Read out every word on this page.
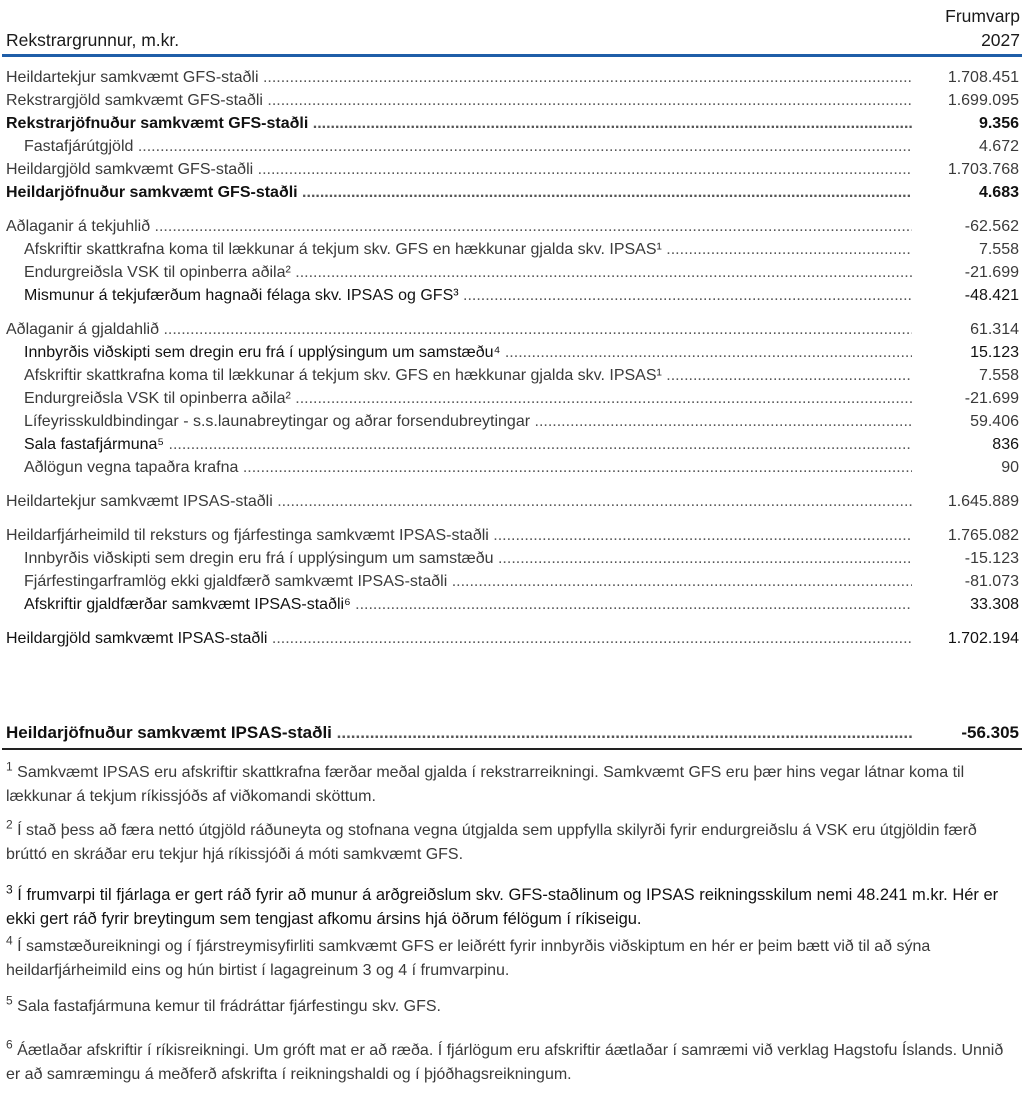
Rekstrargrunnur, m.kr.
Frumvarp
2027
Heildartekjur samkvæmt GFS-staðli .....	1.708.451
Rekstrargjöld samkvæmt GFS-staðli .....	1.699.095
Rekstrarjöfnuður samkvæmt GFS-staðli .....	9.356
Fastafjárútgjöld .....	4.672
Heildargjöld samkvæmt GFS-staðli .....	1.703.768
Heildarjöfnuður samkvæmt GFS-staðli .....	4.683
Aðlaganir á tekjuhlið .....	-62.562
Afskriftir skattkrafna koma til lækkunar á tekjum skv. GFS en hækkunar gjalda skv. IPSAS¹ .....	7.558
Endurgreiðsla VSK til opinberra aðila² .....	-21.699
Mismunur á tekjufærðum hagnaði félaga skv. IPSAS og GFS³ .....	-48.421
Aðlaganir á gjaldahlið .....	61.314
Innbyrðis viðskipti sem dregin eru frá í upplýsingum um samstæðu⁴ .....	15.123
Afskriftir skattkrafna koma til lækkunar á tekjum skv. GFS en hækkunar gjalda skv. IPSAS¹ .....	7.558
Endurgreiðsla VSK til opinberra aðila² .....	-21.699
Lífeyrisskuldbindingar - s.s.launabreytingar og aðrar forsendubreytingar .....	59.406
Sala fastafjármuna⁵ .....	836
Aðlögun vegna tapaðra krafna .....	90
Heildartekjur samkvæmt IPSAS-staðli .....	1.645.889
Heildarfjárheimild til reksturs og fjárfestinga samkvæmt IPSAS-staðli .....	1.765.082
Innbyrðis viðskipti sem dregin eru frá í upplýsingum um samstæðu .....	-15.123
Fjárfestingarframlög ekki gjaldfærð samkvæmt IPSAS-staðli .....	-81.073
Afskriftir gjaldfærðar samkvæmt IPSAS-staðli⁶ .....	33.308
Heildargjöld samkvæmt IPSAS-staðli .....	1.702.194
Heildarjöfnuður samkvæmt IPSAS-staðli .....	-56.305

$^1$ Samkvæmt IPSAS eru afskriftir skattkrafna færðar meðal gjalda í rekstrarreikningi. Samkvæmt GFS eru þær hins vegar látnar koma til lækkunar á tekjum ríkissjóðs af viðkomandi sköttum.

$^2$ Í stað þess að færa nettó útgjöld ráðuneyta og stofnana vegna útgjalda sem uppfylla skilyrði fyrir endurgreiðslu á VSK eru útgjöldin færð brúttó en skráðar eru tekjur hjá ríkissjóði á móti samkvæmt GFS.

$^3$ Í frumvarpi til fjárlaga er gert ráð fyrir að munur á arðgreiðslum skv. GFS-staðlinum og IPSAS reikningsskilum nemi 48.241 m.kr. Hér er ekki gert ráð fyrir breytingum sem tengjast afkomu ársins hjá öðrum félögum í ríkiseigu.

$^4$ Í samstæðureikningi og í fjárstreymisyfirliti samkvæmt GFS er leiðrétt fyrir innbyrðis viðskiptum en hér er þeim bætt við til að sýna heildarfjárheimild eins og hún birtist í lagagreinum 3 og 4 í frumvarpinu.

$^5$ Sala fastafjármuna kemur til frádráttar fjárfestingu skv. GFS.

$^6$ Áætlaðar afskriftir í ríkisreikningi. Um gróft mat er að ræða. Í fjárlögum eru afskriftir áætlaðar í samræmi við verklag Hagstofu Íslands. Unnið er að samræmingu á meðferð afskrifta í reikningshaldi og í þjóðhagsreikningum.
